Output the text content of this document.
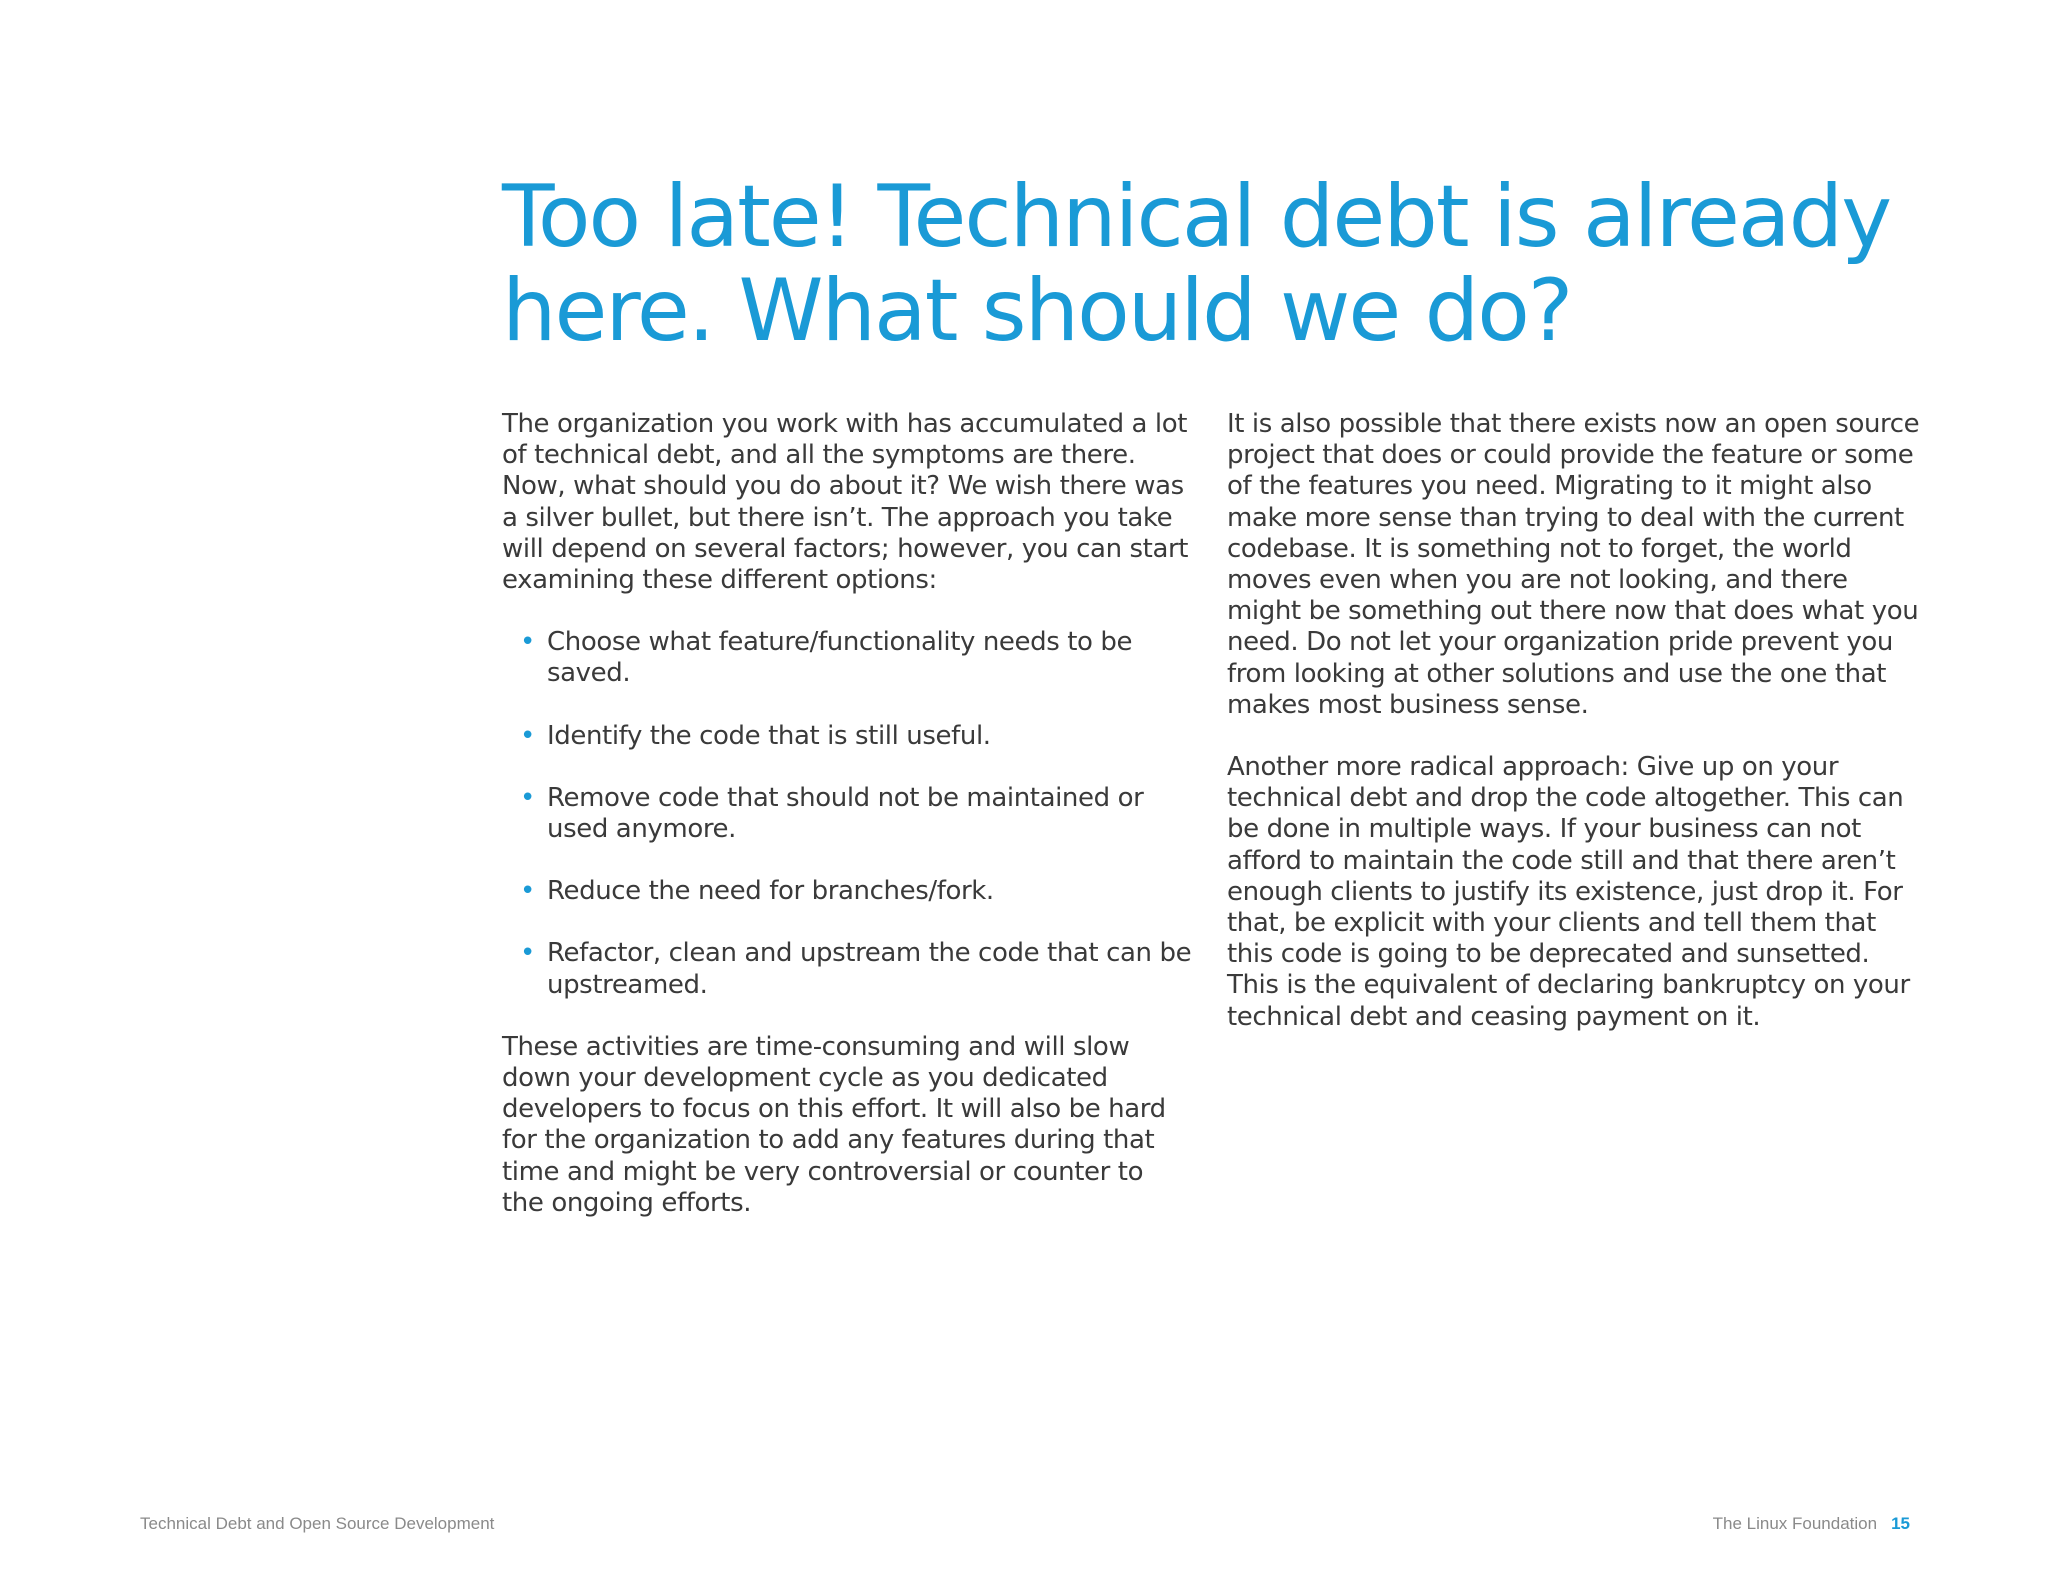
Too late! Technical debt is already here. What should we do?

The organization you work with has accumulated a lot of technical debt, and all the symptoms are there. Now, what should you do about it? We wish there was a silver bullet, but there isn’t. The approach you take will depend on several factors; however, you can start examining these different options:

• Choose what feature/functionality needs to be saved.
• Identify the code that is still useful.
• Remove code that should not be maintained or used anymore.
• Reduce the need for branches/fork.
• Refactor, clean and upstream the code that can be upstreamed.

These activities are time-consuming and will slow down your development cycle as you dedicated developers to focus on this effort. It will also be hard for the organization to add any features during that time and might be very controversial or counter to the ongoing efforts.

It is also possible that there exists now an open source project that does or could provide the feature or some of the features you need. Migrating to it might also make more sense than trying to deal with the current codebase. It is something not to forget, the world moves even when you are not looking, and there might be something out there now that does what you need. Do not let your organization pride prevent you from looking at other solutions and use the one that makes most business sense.

Another more radical approach: Give up on your technical debt and drop the code altogether. This can be done in multiple ways. If your business can not afford to maintain the code still and that there aren’t enough clients to justify its existence, just drop it. For that, be explicit with your clients and tell them that this code is going to be deprecated and sunsetted. This is the equivalent of declaring bankruptcy on your technical debt and ceasing payment on it.

Technical Debt and Open Source Development	The Linux Foundation 15
